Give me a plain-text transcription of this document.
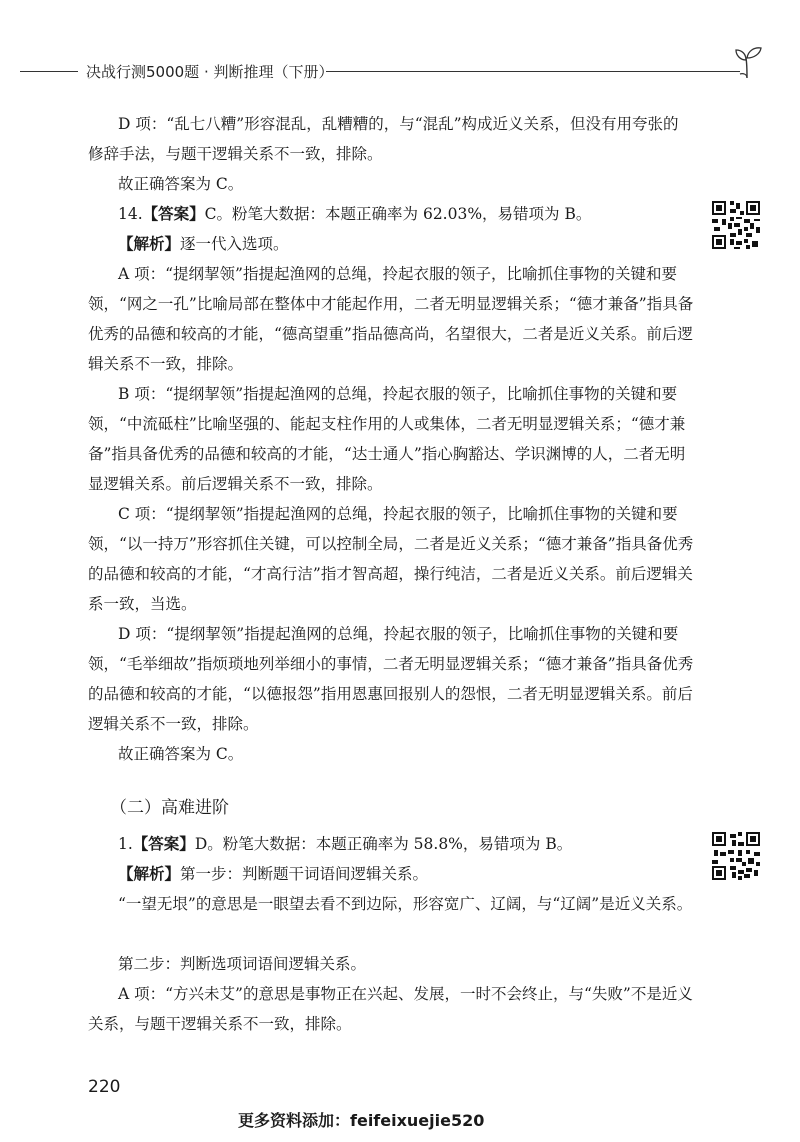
决战行测5000题 · 判断推理（下册）

D 项：“乱七八糟”形容混乱，乱糟糟的，与“混乱”构成近义关系，但没有用夸张的修辞手法，与题干逻辑关系不一致，排除。

故正确答案为 C。

14.【答案】C。粉笔大数据：本题正确率为 62.03%，易错项为 B。

【解析】逐一代入选项。

A 项：“提纲挈领”指提起渔网的总绳，拎起衣服的领子，比喻抓住事物的关键和要领，“网之一孔”比喻局部在整体中才能起作用，二者无明显逻辑关系；“德才兼备”指具备优秀的品德和较高的才能，“德高望重”指品德高尚，名望很大，二者是近义关系。前后逻辑关系不一致，排除。

B 项：“提纲挈领”指提起渔网的总绳，拎起衣服的领子，比喻抓住事物的关键和要领，“中流砥柱”比喻坚强的、能起支柱作用的人或集体，二者无明显逻辑关系；“德才兼备”指具备优秀的品德和较高的才能，“达士通人”指心胸豁达、学识渊博的人，二者无明显逻辑关系。前后逻辑关系不一致，排除。

C 项：“提纲挈领”指提起渔网的总绳，拎起衣服的领子，比喻抓住事物的关键和要领，“以一持万”形容抓住关键，可以控制全局，二者是近义关系；“德才兼备”指具备优秀的品德和较高的才能，“才高行洁”指才智高超，操行纯洁，二者是近义关系。前后逻辑关系一致，当选。

D 项：“提纲挈领”指提起渔网的总绳，拎起衣服的领子，比喻抓住事物的关键和要领，“毛举细故”指烦琐地列举细小的事情，二者无明显逻辑关系；“德才兼备”指具备优秀的品德和较高的才能，“以德报怨”指用恩惠回报别人的怨恨，二者无明显逻辑关系。前后逻辑关系不一致，排除。

故正确答案为 C。

（二）高难进阶

1.【答案】D。粉笔大数据：本题正确率为 58.8%，易错项为 B。

【解析】第一步：判断题干词语间逻辑关系。

“一望无垠”的意思是一眼望去看不到边际，形容宽广、辽阔，与“辽阔”是近义关系。

第二步：判断选项词语间逻辑关系。

A 项：“方兴未艾”的意思是事物正在兴起、发展，一时不会终止，与“失败”不是近义关系，与题干逻辑关系不一致，排除。

220
更多资料添加：feifeixuejie520
